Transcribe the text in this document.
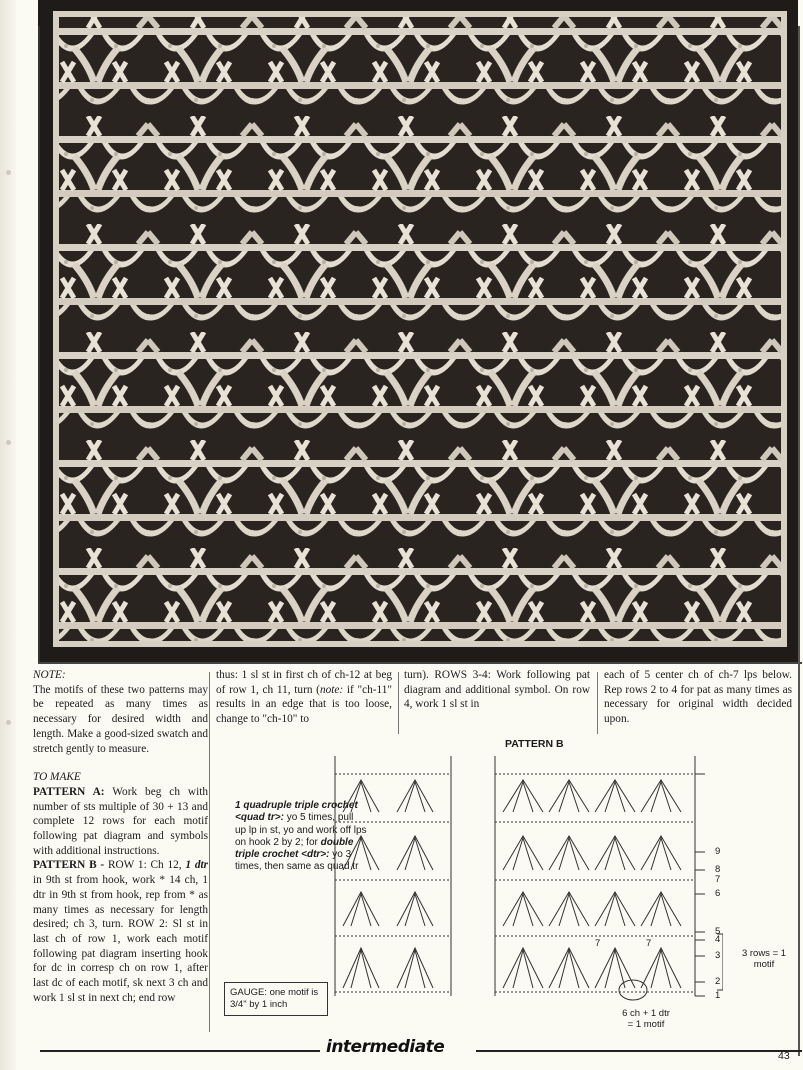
NOTE:

The motifs of these two patterns may be repeated as many times as necessary for desired width and length. Make a good-sized swatch and stretch gently to measure.

TO MAKE

PATTERN A: Work beg ch with number of sts multiple of 30 + 13 and complete 12 rows for each motif following pat diagram and symbols with additional instructions.

PATTERN B - ROW 1: Ch 12, 1 dtr in 9th st from hook, work * 14 ch, 1 dtr in 9th st from hook, rep from * as many times as necessary for length desired; ch 3, turn. ROW 2: Sl st in last ch of row 1, work each motif following pat diagram inserting hook for dc in corresp ch on row 1, after last dc of each motif, sk next 3 ch and work 1 sl st in next ch; end row

thus: 1 sl st in first ch of ch-12 at beg of row 1, ch 11, turn (note: if "ch-11" results in an edge that is too loose, change to "ch-10" to

turn). ROWS 3-4: Work following pat diagram and additional symbol. On row 4, work 1 sl st in

each of 5 center ch of ch-7 lps below. Rep rows 2 to 4 for pat as many times as necessary for original width decided upon.

PATTERN B
1 quadruple triple crochet <quad tr>: yo 5 times, pull up lp in st, yo and work off lps on hook 2 by 2; for double triple crochet <dtr>: yo 3 times, then same as quad tr
GAUGE: one motif is 3/4" by 1 inch
9
8
7
6
5
4
3
2
1
7	7
3 rows = 1 motif
6 ch + 1 dtr
= 1 motif
intermediate	43
